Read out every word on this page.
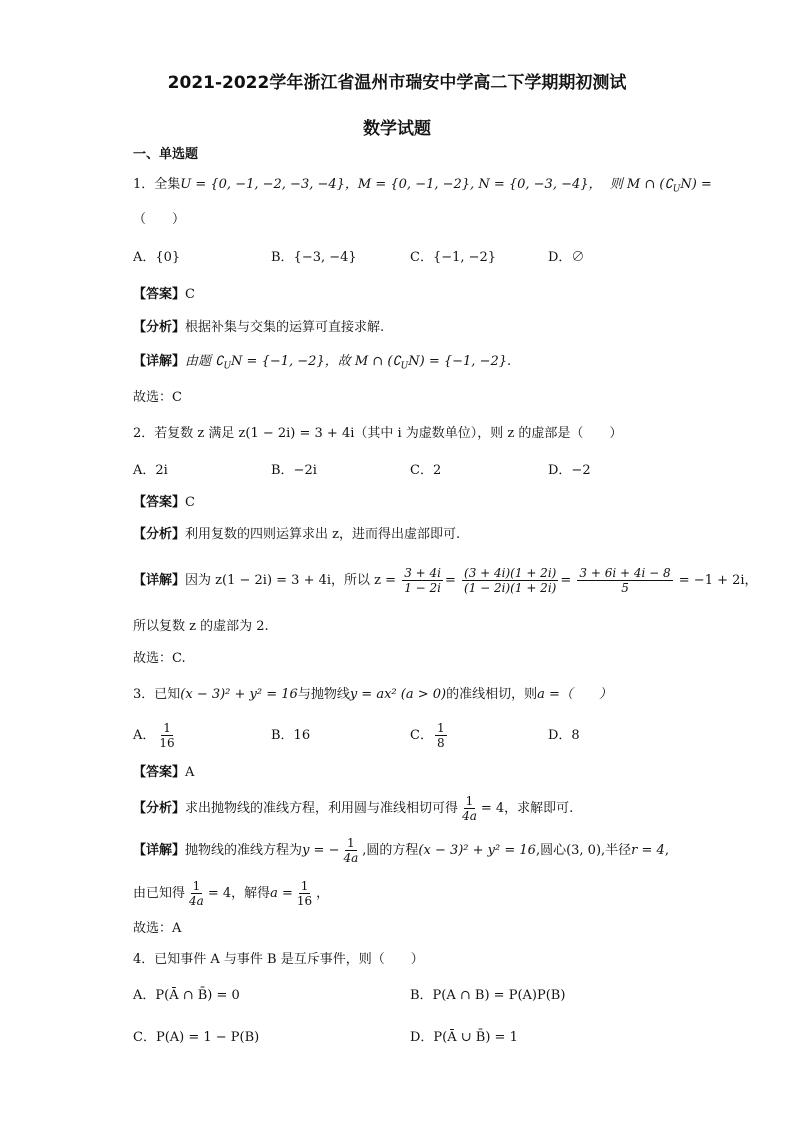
2021-2022学年浙江省温州市瑞安中学高二下学期期初测试
数学试题
一、单选题
1．全集U = {0, −1, −2, −3, −4}，M = {0, −1, −2}, N = {0, −3, −4}， 则 M ∩ $(∁_UN)$ =
（　　）
A．{0}	B．{−3, −4}	C．{−1, −2}	D．∅
【 答案 】 C
【 分析 】 根据补集与交集的运算可直接求解.
【 详解 】 由题 $∁_UN = \{-1$, −2}，故 M ∩ $(∁_UN) = \{-1$, −2}.
故选：C
2．若复数 z 满足 z(1 − 2i) = 3 + 4i（其中 i 为虚数单位），则 z 的虚部是（　　）
A．2i	B．−2i	C．2	D．−2
【 答案 】 C
【 分析 】 利用复数的四则运算求出 z，进而得出虚部即可.
【 详解 】 因为 z(1 − 2i) = 3 + 4i，所以 $z = \frac{3 + 4i}{1 - 2i} = \frac{(3 + 4i)(1 + 2i)}{(1 - 2i)(1 + 2i)} = \frac{3 + 6i + 4i - 8}{5} = -1 + 2i$，
所以复数 z 的虚部为 2.
故选：C.
3．已知(x − 3)² + y² = 16与抛物线y = ax² (a > 0)的准线相切，则a =（　　）
A． $\frac{1}{16}$	B．16	C． $\frac{1}{8}$	D．8
【 答案 】 A
【 分析 】 求出抛物线的准线方程，利用圆与准线相切可得 $\frac{1}{4a} = 4$，求解即可.
【 详解 】 抛物线的准线方程为y = − $\frac{1}{4a}$ ,圆的方程(x − 3)² + y² = 16,圆心(3, 0),半径r = 4,
由已知得 $\frac{1}{4a} = 4$，解得$a = \frac{1}{16}$ ，
故选：A
4．已知事件 A 与事件 B 是互斥事件，则（　　）
A．P(Ā ∩ B̄) = 0	B．P(A ∩ B) = P(A)P(B)
C．P(A) = 1 − P(B)	D．P(Ā ∪ B̄) = 1
